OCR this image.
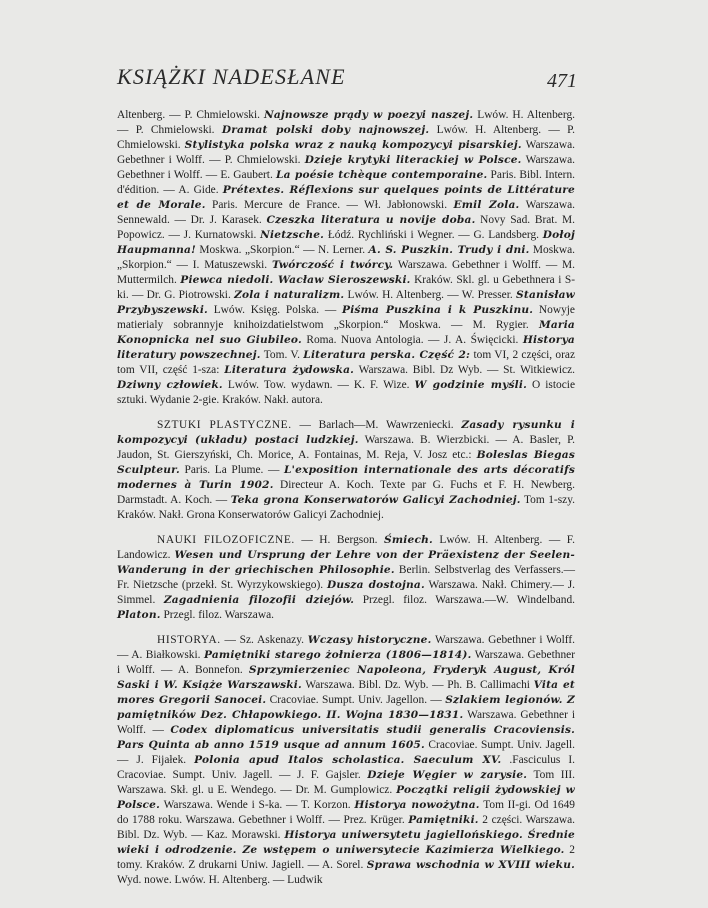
KSIĄŻKI NADESŁANE	471

Altenberg. — P. Chmielowski. Najnowsze prądy w poezyi naszej. Lwów. H. Altenberg. — P. Chmielowski. Dramat polski doby najnowszej. Lwów. H. Altenberg. — P. Chmielowski. Stylistyka polska wraz z nauką kompozycyi pisarskiej. Warszawa. Gebethner i Wolff. — P. Chmielowski. Dzieje krytyki literackiej w Polsce. Warszawa. Gebethner i Wolff. — E. Gaubert. La poésie tchèque contemporaine. Paris. Bibl. Intern. d'édition. — A. Gide. Prétextes. Réflexions sur quelques points de Littérature et de Morale. Paris. Mercure de France. — Wł. Jabłonowski. Emil Zola. Warszawa. Sennewald. — Dr. J. Karasek. Czeszka literatura u novije doba. Novy Sad. Brat. M. Popowicz. — J. Kurnatowski. Nietzsche. Łódź. Rychliński i Wegner. — G. Landsberg. Dołoj Haupmanna! Moskwa. „Skorpion.“ — N. Lerner. A. S. Puszkin. Trudy i dni. Moskwa. „Skorpion.“ — I. Matuszewski. Twórczość i twórcy. Warszawa. Gebethner i Wolff. — M. Muttermilch. Piewca niedoli. Wacław Sieroszewski. Kraków. Skl. gl. u Gebethnera i S-ki. — Dr. G. Piotrowski. Zola i naturalizm. Lwów. H. Altenberg. — W. Presser. Stanisław Przybyszewski. Lwów. Księg. Polska. — Piśma Puszkina i k Puszkinu. Nowyje matierialy sobrannyje knihoizdatielstwom „Skorpion.“ Moskwa. — M. Rygier. Maria Konopnicka nel suo Giubileo. Roma. Nuova Antologia. — J. A. Święcicki. Historya literatury powszechnej. Tom. V. Literatura perska. Część 2: tom VI, 2 części, oraz tom VII, część 1-sza: Literatura żydowska. Warszawa. Bibl. Dz Wyb. — St. Witkiewicz. Dziwny człowiek. Lwów. Tow. wydawn. — K. F. Wize. W godzinie myśli. O istocie sztuki. Wydanie 2-gie. Kraków. Nakł. autora.

SZTUKI PLASTYCZNE. — Barlach—M. Wawrzeniecki. Zasady rysunku i kompozycyi (układu) postaci ludzkiej. Warszawa. B. Wierzbicki. — A. Basler, P. Jaudon, St. Gierszyński, Ch. Morice, A. Fontainas, M. Reja, V. Josz etc.: Boleslas Biegas Sculpteur. Paris. La Plume. — L'exposition internationale des arts décoratifs modernes à Turin 1902. Directeur A. Koch. Texte par G. Fuchs et F. H. Newberg. Darmstadt. A. Koch. — Teka grona Konserwatorów Galicyi Zachodniej. Tom 1-szy. Kraków. Nakł. Grona Konserwatorów Galicyi Zachodniej.

NAUKI FILOZOFICZNE. — H. Bergson. Śmiech. Lwów. H. Altenberg. — F. Landowicz. Wesen und Ursprung der Lehre von der Präexistenz der Seelen-Wanderung in der griechischen Philosophie. Berlin. Selbstverlag des Verfassers.—Fr. Nietzsche (przekł. St. Wyrzykowskiego). Dusza dostojna. Warszawa. Nakł. Chimery.— J. Simmel. Zagadnienia filozofii dziejów. Przegl. filoz. Warszawa.—W. Windelband. Platon. Przegl. filoz. Warszawa.

HISTORYA. — Sz. Askenazy. Wczasy historyczne. Warszawa. Gebethner i Wolff. — A. Białkowski. Pamiętniki starego żołnierza (1806—1814). Warszawa. Gebethner i Wolff. — A. Bonnefon. Sprzymierzeniec Napoleona, Fryderyk August, Król Saski i W. Książe Warszawski. Warszawa. Bibl. Dz. Wyb. — Ph. B. Callimachi Vita et mores Gregorii Sanocei. Cracoviae. Sumpt. Univ. Jagellon. — Szlakiem legionów. Z pamiętników Dez. Chłapowkiego. II. Wojna 1830—1831. Warszawa. Gebethner i Wolff. — Codex diplomaticus universitatis studii generalis Cracoviensis. Pars Quinta ab anno 1519 usque ad annum 1605. Cracoviae. Sumpt. Univ. Jagell. — J. Fijałek. Polonia apud Italos scholastica. Saeculum XV. .Fasciculus I. Cracoviae. Sumpt. Univ. Jagell. — J. F. Gajsler. Dzieje Węgier w zarysie. Tom III. Warszawa. Skł. gl. u E. Wendego. — Dr. M. Gumplowicz. Początki religii żydowskiej w Polsce. Warszawa. Wende i S-ka. — T. Korzon. Historya nowożytna. Tom II-gi. Od 1649 do 1788 roku. Warszawa. Gebethner i Wolff. — Prez. Krüger. Pamiętniki. 2 części. Warszawa. Bibl. Dz. Wyb. — Kaz. Morawski. Historya uniwersytetu jagiellońskiego. Średnie wieki i odrodzenie. Ze wstępem o uniwersytecie Kazimierza Wielkiego. 2 tomy. Kraków. Z drukarni Uniw. Jagiell. — A. Sorel. Sprawa wschodnia w XVIII wieku. Wyd. nowe. Lwów. H. Altenberg. — Ludwik
